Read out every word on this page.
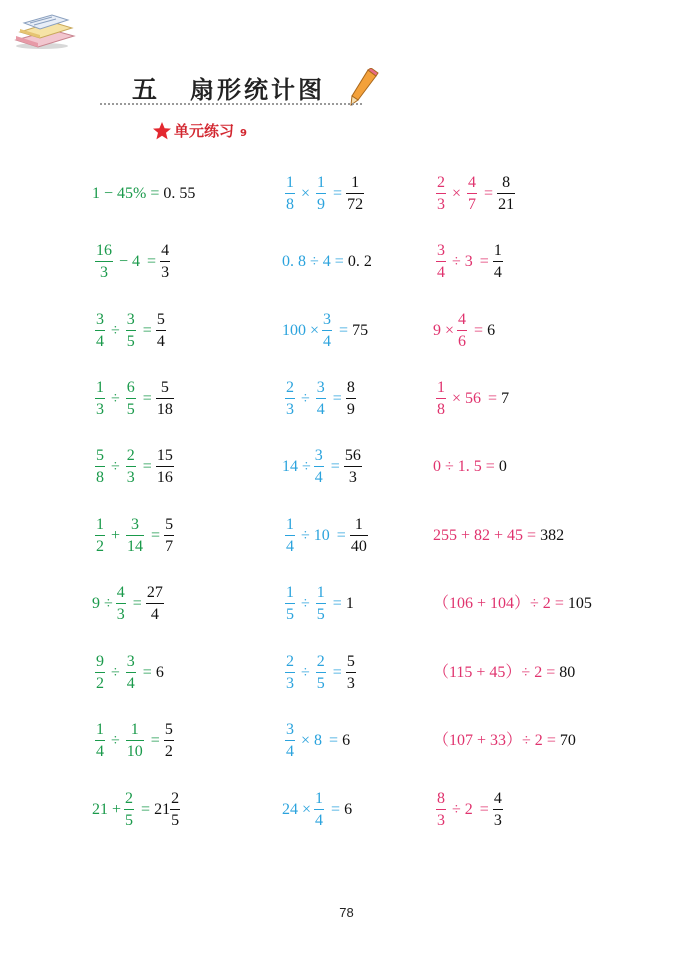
五 扇形统计图
单元练习 9
1 − 45% = 0. 55	$\frac{1}{8} \times \frac{1}{9} = \frac{1}{72}$	$\frac{2}{3} \times \frac{4}{7} = \frac{8}{21}$
$\frac{16}{3} - 4 = \frac{4}{3}$	0. 8 ÷ 4 = 0. 2	$\frac{3}{4} \div 3 = \frac{1}{4}$
$\frac{3}{4} \div \frac{3}{5} = \frac{5}{4}$	$100 \times \frac{3}{4} = 75$	$9 \times \frac{4}{6} = 6$
$\frac{1}{3} \div \frac{6}{5} = \frac{5}{18}$	$\frac{2}{3} \div \frac{3}{4} = \frac{8}{9}$	$\frac{1}{8} \times 56 = 7$
$\frac{5}{8} \div \frac{2}{3} = \frac{15}{16}$	$14 \div \frac{3}{4} = \frac{56}{3}$	0 ÷ 1. 5 = 0
$\frac{1}{2} + \frac{3}{14} = \frac{5}{7}$	$\frac{1}{4} \div 10 = \frac{1}{40}$	255 + 82 + 45 = 382
$9 \div \frac{4}{3} = \frac{27}{4}$	$\frac{1}{5} \div \frac{1}{5} = 1$	（106 + 104）÷ 2 = 105
$\frac{9}{2} \div \frac{3}{4} = 6$	$\frac{2}{3} \div \frac{2}{5} = \frac{5}{3}$	（115 + 45）÷ 2 = 80
$\frac{1}{4} \div \frac{1}{10} = \frac{5}{2}$	$\frac{3}{4} \times 8 = 6$	（107 + 33）÷ 2 = 70
$21 + \frac{2}{5} = 21 \frac{2}{5}$	$24 \times \frac{1}{4} = 6$	$\frac{8}{3} \div 2 = \frac{4}{3}$
78
